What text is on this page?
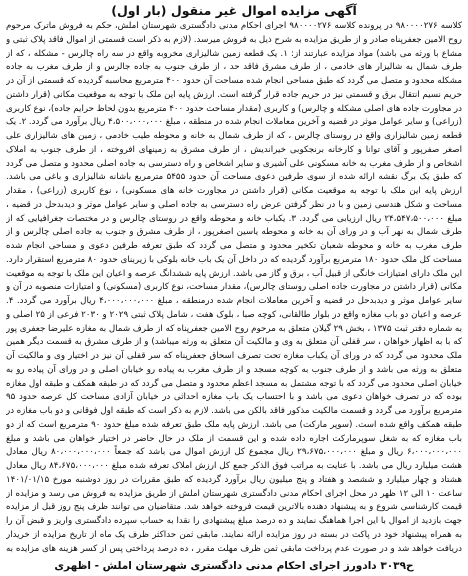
آگهی مزایده اموال غیر منقول (بار اول)

کلاسه ۹۸۰۰۰۰۲۷۶ در پرونده کلاسه ۹۸۰۰۰۰۲۷۶ اجرای احکام مدنی دادگستری شهرستان املش، حکم به فروش ماترک مرحوم روح الامین جعفرپناه صادر و از طریق مزایده به شرح ذیل به فروش میرسد. (لازم به ذکر است قسمتی از اموال فاقد پلاک ثبتی و مشاع با ورثه می باشد) مواد مزایده عبارتند از: ۱. یک قطعه زمین شالیزاری مخروبه واقع در سه راه چالرس - مشکله ، که از طرف شمال به شالیزار های خادمی ، از طرف مشرق فاقد حد ، از طرف جنوب به جاده جالرس و از طرف مغرب به جاده مشکله محدود و متصل می گردد که طبق مساحی انجام شده مساحت آن حدود ۴۰۰ مترمربع محاسبه گردیده که قسمتی از آن در حریم نسیم انتقال برق و قسمتی نیز در حریم جاده قرار گرفته است. ارزش پایه این ملک با توجه به موقعیت مکانی (قرار داشتن در مجاورت جاده های اصلی مشکله و چالرس) و کاربری (مقدار مساحت حدود ۴۰۰ مترمربع بدون لحاظ حرایم جاده)، نوع کاربری (زراعی) و سایر عوامل موثر در قضیه و آخرین معاملات انجام شده در منطقه ، مبلغ ۴،۵۰۰،۰۰۰،۰۰۰ ریال برآورد می گردد. ۲. یک قطعه زمین شالیزاری واقع در روستای چالرس ، که از طرف شمال به خانه و محوطه طیب خادمی ، زمین های شالیزاری علی اصغر صفرپور و آقای توانا و کارخانه برنجکوبی خیراندیش ، از طرف مشرق به زمینهای افروخته ، از طرف جنوب به املاک اشخاص و از طرف مغرب به خانه مسکونی علی آشیری و سایر اشخاص و راه دسترسی به جاده اصلی محدود و متصل می گردد که طبق یک برگ نقشه ارائه شده از سوی طرفین دعوی مساحت آن حدود ۵۴۵۵ مترمربع باشانه شالیزاری و باغی می باشد. ارزش پایه این ملک با توجه به موقعیت مکانی (قرار داشتن در مجاورت خانه های مسکونی) ، نوع کاربری (زراعی) ، مقدار مساحت و شکل هندسی زمین و با در نظر گرفتن عرض راه دسترسی به جاده اصلی و سایر عوامل موثر و دیدبدحل در قضیه ، مبلغ ۲۴،۵۴۷،۵۰۰،۰۰۰ ریال ارزیابی می گردد. ۳. یکباب خانه و محوطه واقع در روستای چالرس و در مختصات جغرافیایی که از طرف شمال به نهر آب و در ورای آن به خانه و محوطه یاسین اصغرپور ، از طرف مشرق و جنوب به جاده اصلی چالرس و از طرف مغرب به خانه و محوطه شعبان تکخیر محدود و متصل می گردد که طبق تعرفه طرفین دعوی و مساحی انجام شده مساحت کل ملک حدود ۱۸۰ مترمربع برآورد گردیده که در داخل آن یک باب خانه بلوکی با زیربنای حدود ۸۰ مترمربع استقرار دارد. این ملک دارای امتیازات خانگی از قبیل آب ، برق و گاز می باشد. ارزش پایه ششدانگ عرصه و اعیان این ملک با توجه به موقعیت مکانی (قرار داشتن در مجاورت جاده اصلی روستای چالرس)، مقدار مساحت، نوع کاربری (مسکونی) و امتیازات منصوبه در آن و سایر عوامل موثر و دیدبدحل در قضیه و آخرین معاملات انجام شده درمنطقه ، مبلغ ۴،۰۰۰،۰۰۰،۰۰۰ ریال برآورد می گردد. ۴. عرصه و اعیان دو باب مغازه واقع در بلوار طالقانی، کوچه صبا ، بلوک هفت ، شامل پلاک ثبتی ۲۰۲۹ و ۲۰۳۰ فرعی از ۲۵ اصلی و به شماره دفتر ثبت ۱۳۷۵ ، بخش ۲۹ گیلان متعلق به مرحوم روح الامین جعفرپناه که از طرف شمال به مغازه علیرضا جعفری پور که با به اظهار خواهان ، سر قفلی آن متعلق به وی و مالکیت آن متعلق به ورثه میباشد) و از طرف مشرق به قسمت دیگر همین ملک محدود می گردد که در ورای آن یکباب مغازه تحت تصرف اسحاق جعفرپناه که سر قفلی آن نیز در اختیار وی و مالکیت آن متعلق به ورثه می باشد و از طرف جنوب به کوچه مسجد و از طرف مغرب به پیاده رو خیابان اصلی و در ورای آن پیاده رو به خیابان اصلی محدود می گردد که با توجه مشتمل به مسجد اعظم محدود و متصل می گردد که در طبقه همکف و طبقه اول مغازه بوده که در تصرف خواهان دعوی می باشد و با احتساب یک باب مغازه احداثی در خیابان آزادی مساحت کل عرصه حدود ۹۵ مترمربع برآورد می گردد و قسمت مالکیت مذکور فاقد بالکن می باشد. لازم به ذکر است که طبقه اول فوقانی و دو باب مغازه در طبقه همکف واقع شده است. (سوپر مارکت) می باشد. ارزش پایه ملک طبق تعرفه شده مبلغ حدود ۹۰ مترمربع است که از دو باب مغازه که به شغل سوپرمارکت اجاره داده شده و این قسمت از ملک در حال حاضر در اختیار خواهان می باشد و مبلغ ۶،۰۰۰،۰۰۰،۰۰۰ ریال و مبلغ ۲۹،۶۷۵،۰۰۰،۰۰۰ ریال مجموع کل ارزش اموال می باشد که جمعاً ۸۰،۰۰۰،۰۰۰،۰۰۰ ریال معادل هشت میلیارد ریال می باشد. با عنایت به مراتب فوق الذکر جمع کل ارزش املاک تعرفه شده مبلغ ۸۴،۶۷۵،۰۰۰،۰۰۰ ریال معادل هشتاد و چهار میلیارد و ششصد و هفتاد و پنج میلیون ریال برآورد گردیده که طبق مقررات در روز دوشنبه مورخ ۱۴۰۱/۰۱/۱۵ ساعت ۱۰ الی ۱۲ ظهر در محل اجرای احکام مدنی دادگستری شهرستان املش از طریق مزایده به فروش می رسد و مزایده از قیمت کارشناسی شروع و به پیشنهاد دهنده بالاترین قیمت فروخته خواهد شد. متقاضیان می توانند ظرف پنج روز قبل از مزایده جهت بازدید از اموال با این اجرا هماهنگ نمایند و ده درصد مبلغ پیشنهادی را نقدا به حساب سپرده دادگستری واریز و قبض آن را به همراه پیشنهاد خود در پاکت در بسته در روز مزایده ارائه نمایند. مابقی ثمن حداکثر ظرف یک ماه از تاریخ مزایده از خریدار دریافت خواهد شد و در صورت عدم پرداخت مابقی ثمن ظرف مهلت مقرر ، ده درصد پرداختی پس از کسر هزینه های مزایده به

ح۳۰۳۹ دادورز اجرای احکام مدنی دادگستری شهرستان املش - اظهری
